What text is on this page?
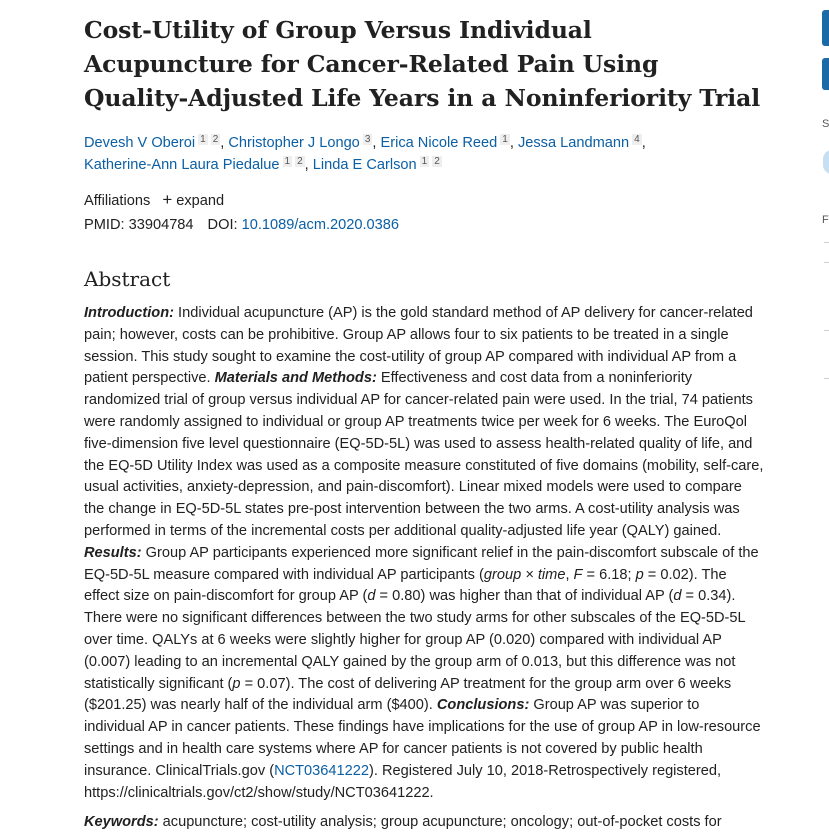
Cost-Utility of Group Versus Individual Acupuncture for Cancer-Related Pain Using Quality-Adjusted Life Years in a Noninferiority Trial
Devesh V Oberoi $^1$ $^2$ , Christopher J Longo $^3$ , Erica Nicole Reed $^1$ , Jessa Landmann $^4$ ,
Katherine-Ann Laura Piedalue $^1$ $^2$ , Linda E Carlson $^1$ $^2$
Affiliations + expand
PMID: 33904784 DOI: 10.1089/acm.2020.0386
Abstract
Introduction: Individual acupuncture (AP) is the gold standard method of AP delivery for cancer-related pain; however, costs can be prohibitive. Group AP allows four to six patients to be treated in a single session. This study sought to examine the cost-utility of group AP compared with individual AP from a patient perspective. Materials and Methods: Effectiveness and cost data from a noninferiority randomized trial of group versus individual AP for cancer-related pain were used. In the trial, 74 patients were randomly assigned to individual or group AP treatments twice per week for 6 weeks. The EuroQol five-dimension five level questionnaire (EQ-5D-5L) was used to assess health-related quality of life, and the EQ-5D Utility Index was used as a composite measure constituted of five domains (mobility, self-care, usual activities, anxiety-depression, and pain-discomfort). Linear mixed models were used to compare the change in EQ-5D-5L states pre-post intervention between the two arms. A cost-utility analysis was performed in terms of the incremental costs per additional quality-adjusted life year (QALY) gained. Results: Group AP participants experienced more significant relief in the pain-discomfort subscale of the EQ-5D-5L measure compared with individual AP participants (group × time, F = 6.18; p = 0.02). The effect size on pain-discomfort for group AP (d = 0.80) was higher than that of individual AP (d = 0.34). There were no significant differences between the two study arms for other subscales of the EQ-5D-5L over time. QALYs at 6 weeks were slightly higher for group AP (0.020) compared with individual AP (0.007) leading to an incremental QALY gained by the group arm of 0.013, but this difference was not statistically significant (p = 0.07). The cost of delivering AP treatment for the group arm over 6 weeks ($201.25) was nearly half of the individual arm ($400). Conclusions: Group AP was superior to individual AP in cancer patients. These findings have implications for the use of group AP in low-resource settings and in health care systems where AP for cancer patients is not covered by public health insurance. ClinicalTrials.gov (NCT03641222). Registered July 10, 2018-Retrospectively registered, https://clinicaltrials.gov/ct2/show/study/NCT03641222.
Keywords: acupuncture; cost-utility analysis; group acupuncture; oncology; out-of-pocket costs for
S
F
